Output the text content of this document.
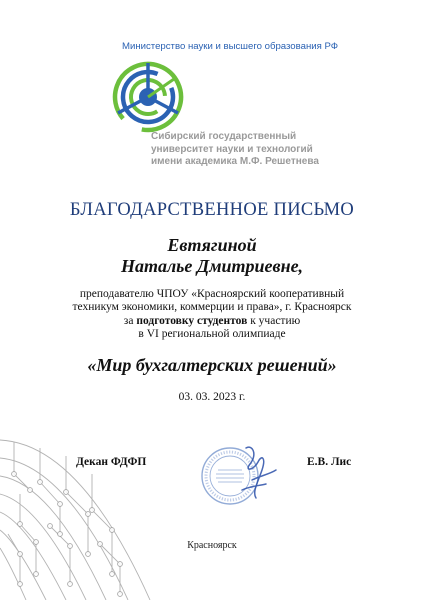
Министерство науки и высшего образования РФ
Сибирский государственный
университет науки и технологий
имени академика М.Ф. Решетнева
БЛАГОДАРСТВЕННОЕ ПИСЬМО
Евтягиной
Наталье Дмитриевне,
преподавателю ЧПОУ «Красноярский кооперативный
техникум экономики, коммерции и права», г. Красноярск
за подготовку студентов к участию
в VI региональной олимпиаде
«Мир бухгалтерских решений»
03. 03. 2023 г.
Декан ФДФП	Е.В. Лис
Красноярск
